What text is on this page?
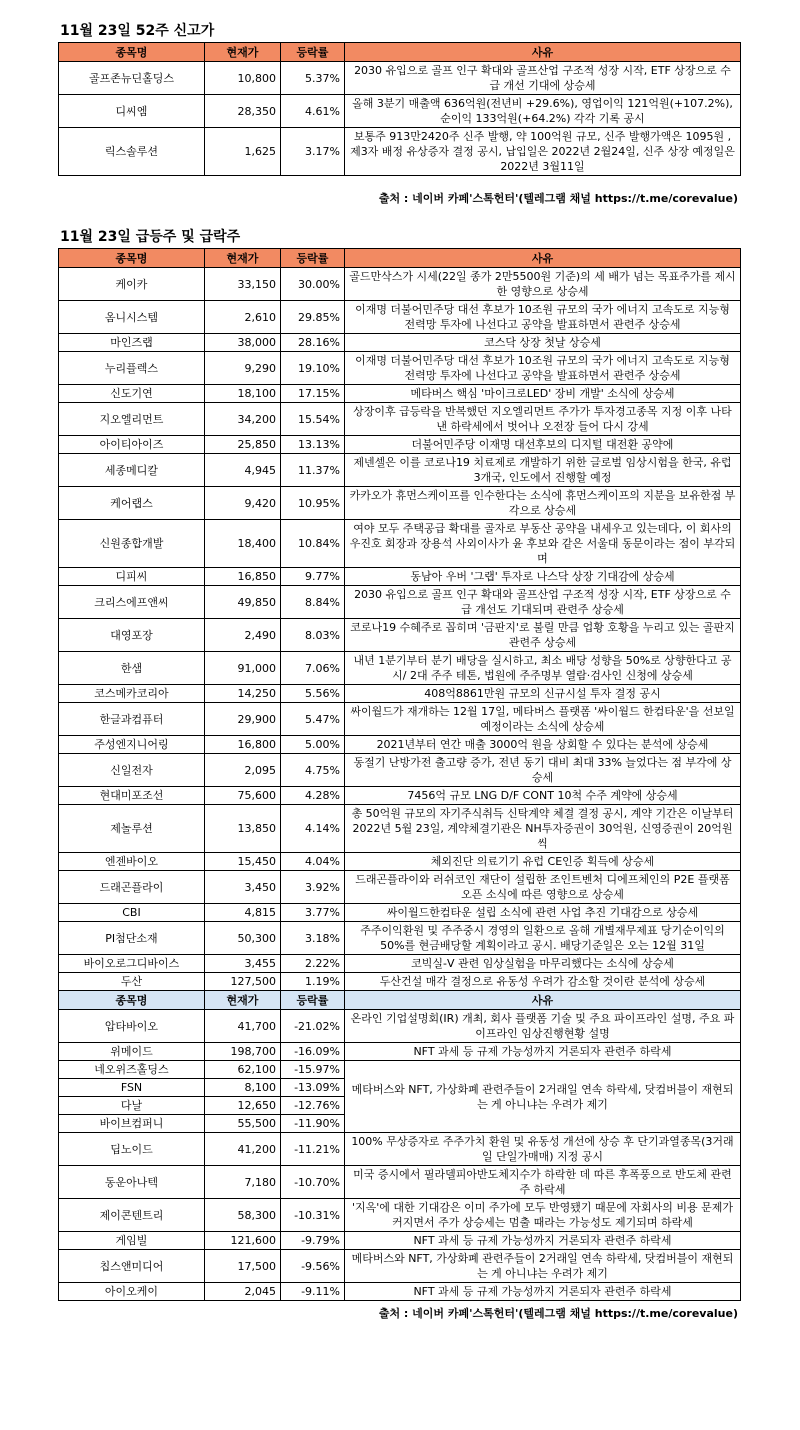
11월 23일 52주 신고가
종목명	현재가	등락률	사유
골프존뉴딘홀딩스	10,800	5.37%	2030 유입으로 골프 인구 확대와 골프산업 구조적 성장 시작, ETF 상장으로 수급 개선 기대에 상승세
디씨엠	28,350	4.61%	올해 3분기 매출액 636억원(전년비 +29.6%), 영업이익 121억원(+107.2%), 순이익 133억원(+64.2%) 각각 기록 공시
릭스솔루션	1,625	3.17%	보통주 913만2420주 신주 발행, 약 100억원 규모, 신주 발행가액은 1095원 , 제3자 배정 유상증자 결정 공시, 납입일은 2022년 2월24일, 신주 상장 예정일은 2022년 3월11일

출처 : 네이버 카페'스톡헌터'(텔레그램 채널 https://t.me/corevalue)

11월 23일 급등주 및 급락주
종목명	현재가	등락률	사유
케이카	33,150	30.00%	골드만삭스가 시세(22일 종가 2만5500원 기준)의 세 배가 넘는 목표주가를 제시한 영향으로 상승세
옴니시스템	2,610	29.85%	이재명 더불어민주당 대선 후보가 10조원 규모의 국가 에너지 고속도로 지능형 전력망 투자에 나선다고 공약을 발표하면서 관련주 상승세
마인즈랩	38,000	28.16%	코스닥 상장 첫날 상승세
누리플렉스	9,290	19.10%	이재명 더불어민주당 대선 후보가 10조원 규모의 국가 에너지 고속도로 지능형 전력망 투자에 나선다고 공약을 발표하면서 관련주 상승세
신도기연	18,100	17.15%	메타버스 핵심 '마이크로LED' 장비 개발' 소식에 상승세
지오엘리먼트	34,200	15.54%	상장이후 급등락을 반복했던 지오엘리먼트 주가가 투자경고종목 지정 이후 나타낸 하락세에서 벗어나 오전장 들어 다시 강세
아이티아이즈	25,850	13.13%	더불어민주당 이재명 대선후보의 디지털 대전환 공약에
세종메디칼	4,945	11.37%	제넨셀은 이를 코로나19 치료제로 개발하기 위한 글로벌 임상시험을 한국, 유럽 3개국, 인도에서 진행할 예정
케어랩스	9,420	10.95%	카카오가 휴먼스케이프를 인수한다는 소식에 휴먼스케이프의 지분을 보유한점 부각으로 상승세
신원종합개발	18,400	10.84%	여야 모두 주택공급 확대를 골자로 부동산 공약을 내세우고 있는데다, 이 회사의 우진호 회장과 장용석 사외이사가 윤 후보와 같은 서울대 동문이라는 점이 부각되며
디피씨	16,850	9.77%	동남아 우버 '그랩' 투자로 나스닥 상장 기대감에 상승세
크리스에프앤씨	49,850	8.84%	2030 유입으로 골프 인구 확대와 골프산업 구조적 성장 시작, ETF 상장으로 수급 개선도 기대되며 관련주 상승세
대영포장	2,490	8.03%	코로나19 수혜주로 꼽히며 '금판지'로 불릴 만큼 업황 호황을 누리고 있는 골판지 관련주 상승세
한샘	91,000	7.06%	내년 1분기부터 분기 배당을 실시하고, 최소 배당 성향을 50%로 상향한다고 공시/ 2대 주주 테톤, 법원에 주주명부 열람·검사인 신청에 상승세
코스메카코리아	14,250	5.56%	408억8861만원 규모의 신규시설 투자 결정 공시
한글과컴퓨터	29,900	5.47%	싸이월드가 재개하는 12월 17일, 메타버스 플랫폼 '싸이월드 한컴타운'을 선보일 예정이라는 소식에 상승세
주성엔지니어링	16,800	5.00%	2021년부터 연간 매출 3000억 원을 상회할 수 있다는 분석에 상승세
신일전자	2,095	4.75%	동절기 난방가전 출고량 증가, 전년 동기 대비 최대 33% 늘었다는 점 부각에 상승세
현대미포조선	75,600	4.28%	7456억 규모 LNG D/F CONT 10척 수주 계약에 상승세
제놀루션	13,850	4.14%	총 50억원 규모의 자기주식취득 신탁계약 체결 결정 공시, 계약 기간은 이날부터 2022년 5월 23일, 계약체결기관은 NH투자증권이 30억원, 신영증권이 20억원씩
엔젠바이오	15,450	4.04%	체외진단 의료기기 유럽 CE인증 획득에 상승세
드래곤플라이	3,450	3.92%	드래곤플라이와 러쉬코인 재단이 설립한 조인트벤처 디에프체인의 P2E 플랫폼 오픈 소식에 따른 영향으로 상승세
CBI	4,815	3.77%	싸이월드한컴타운 설립 소식에 관련 사업 추진 기대감으로 상승세
PI첨단소재	50,300	3.18%	주주이익환원 및 주주중시 경영의 일환으로 올해 개별재무제표 당기순이익의 50%를 현금배당할 계획이라고 공시. 배당기준일은 오는 12월 31일
바이오로그디바이스	3,455	2.22%	코빅실-V 관련 임상실험을 마무리했다는 소식에 상승세
두산	127,500	1.19%	두산건설 매각 결정으로 유동성 우려가 감소할 것이란 분석에 상승세
종목명	현재가	등락률	사유
압타바이오	41,700	-21.02%	온라인 기업설명회(IR) 개최, 회사 플랫폼 기술 및 주요 파이프라인 설명, 주요 파이프라인 임상진행현황 설명
위메이드	198,700	-16.09%	NFT 과세 등 규제 가능성까지 거론되자 관련주 하락세
네오위즈홀딩스	62,100	-15.97%	메타버스와 NFT, 가상화폐 관련주들이 2거래일 연속 하락세, 닷컴버블이 재현되는 게 아니냐는 우려가 제기
FSN	8,100	-13.09%	
다날	12,650	-12.76%	
바이브컴퍼니	55,500	-11.90%	
딥노이드	41,200	-11.21%	100% 무상증자로 주주가치 환원 및 유동성 개선에 상승 후 단기과열종목(3거래일 단일가매매) 지정 공시
동운아나텍	7,180	-10.70%	미국 증시에서 필라델피아반도체지수가 하락한 데 따른 후폭풍으로 반도체 관련주 하락세
제이콘텐트리	58,300	-10.31%	'지옥'에 대한 기대감은 이미 주가에 모두 반영됐기 때문에 자회사의 비용 문제가 커지면서 주가 상승세는 멈출 때라는 가능성도 제기되며 하락세
게임빌	121,600	-9.79%	NFT 과세 등 규제 가능성까지 거론되자 관련주 하락세
칩스앤미디어	17,500	-9.56%	메타버스와 NFT, 가상화폐 관련주들이 2거래일 연속 하락세, 닷컴버블이 재현되는 게 아니냐는 우려가 제기
아이오케이	2,045	-9.11%	NFT 과세 등 규제 가능성까지 거론되자 관련주 하락세

출처 : 네이버 카페'스톡헌터'(텔레그램 채널 https://t.me/corevalue)
